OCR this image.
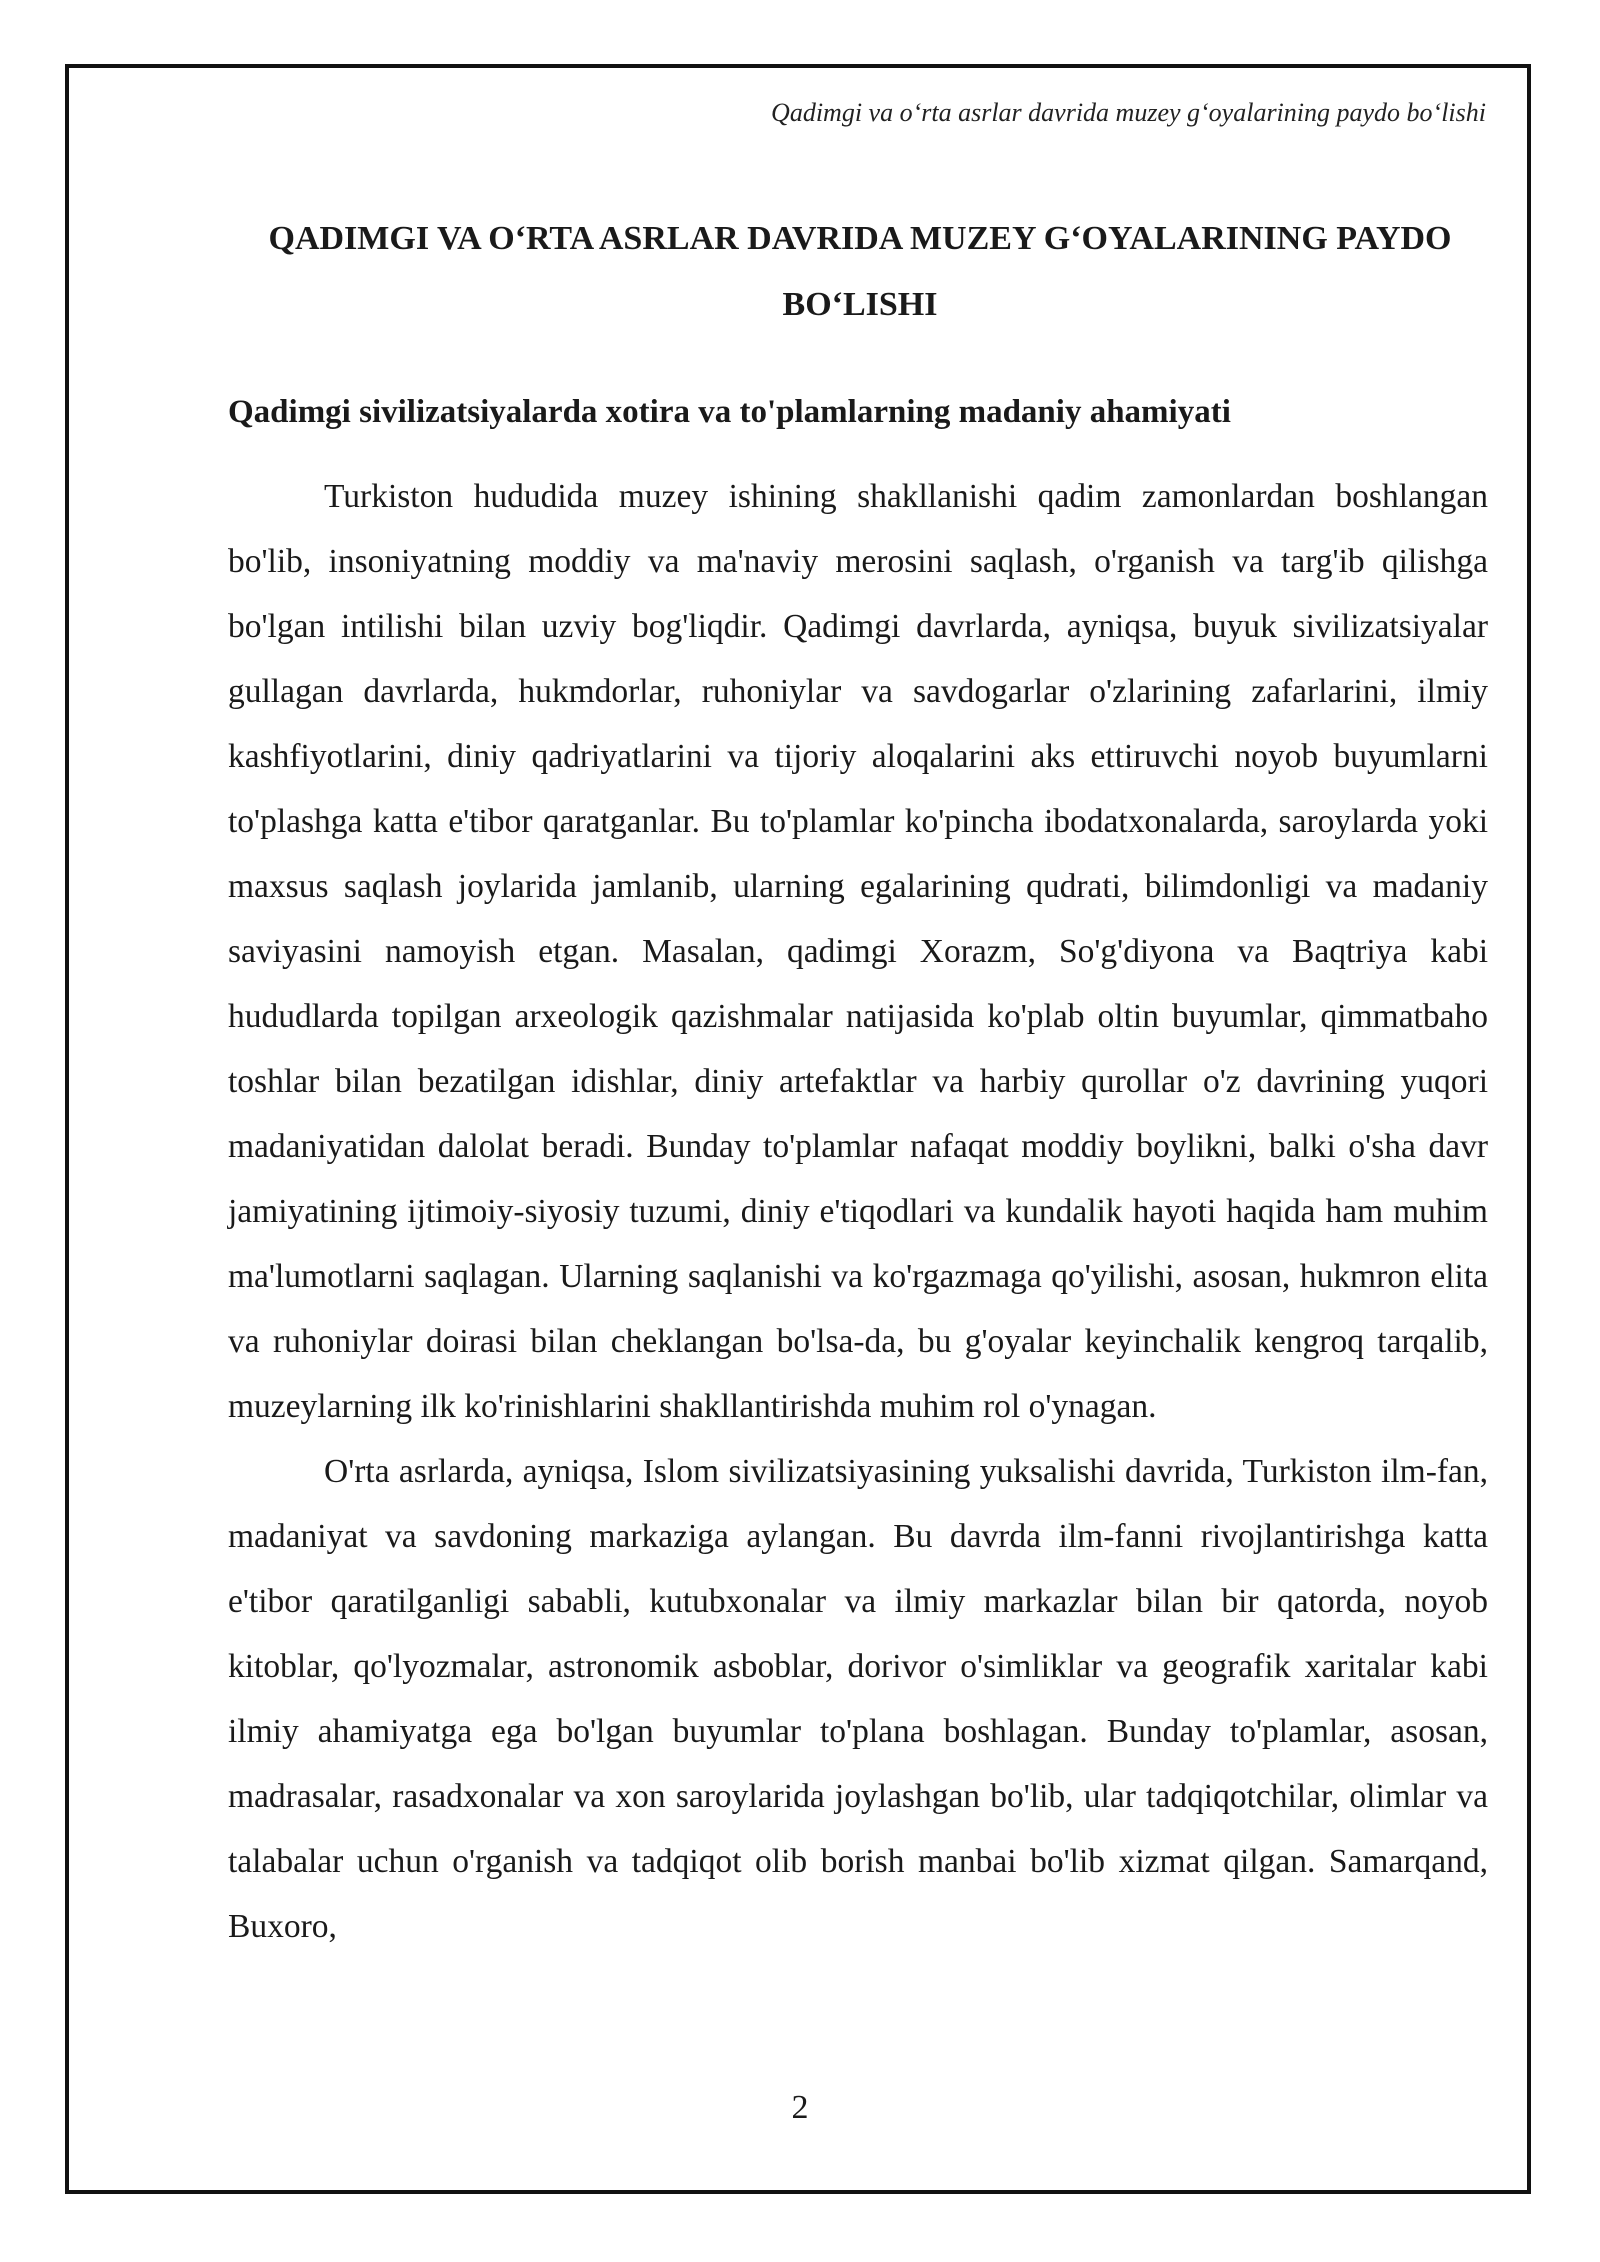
Qadimgi va o‘rta asrlar davrida muzey g‘oyalarining paydo bo‘lishi
QADIMGI VA O‘RTA ASRLAR DAVRIDA MUZEY G‘OYALARINING PAYDO BO‘LISHI
Qadimgi sivilizatsiyalarda xotira va to'plamlarning madaniy ahamiyati

Turkiston hududida muzey ishining shakllanishi qadim zamonlardan boshlangan bo'lib, insoniyatning moddiy va ma'naviy merosini saqlash, o'rganish va targ'ib qilishga bo'lgan intilishi bilan uzviy bog'liqdir. Qadimgi davrlarda, ayniqsa, buyuk sivilizatsiyalar gullagan davrlarda, hukmdorlar, ruhoniylar va savdogarlar o'zlarining zafarlarini, ilmiy kashfiyotlarini, diniy qadriyatlarini va tijoriy aloqalarini aks ettiruvchi noyob buyumlarni to'plashga katta e'tibor qaratganlar. Bu to'plamlar ko'pincha ibodatxonalarda, saroylarda yoki maxsus saqlash joylarida jamlanib, ularning egalarining qudrati, bilimdonligi va madaniy saviyasini namoyish etgan. Masalan, qadimgi Xorazm, So'g'diyona va Baqtriya kabi hududlarda topilgan arxeologik qazishmalar natijasida ko'plab oltin buyumlar, qimmatbaho toshlar bilan bezatilgan idishlar, diniy artefaktlar va harbiy qurollar o'z davrining yuqori madaniyatidan dalolat beradi. Bunday to'plamlar nafaqat moddiy boylikni, balki o'sha davr jamiyatining ijtimoiy-siyosiy tuzumi, diniy e'tiqodlari va kundalik hayoti haqida ham muhim ma'lumotlarni saqlagan. Ularning saqlanishi va ko'rgazmaga qo'yilishi, asosan, hukmron elita va ruhoniylar doirasi bilan cheklangan bo'lsa-da, bu g'oyalar keyinchalik kengroq tarqalib, muzeylarning ilk ko'rinishlarini shakllantirishda muhim rol o'ynagan.

O'rta asrlarda, ayniqsa, Islom sivilizatsiyasining yuksalishi davrida, Turkiston ilm-fan, madaniyat va savdoning markaziga aylangan. Bu davrda ilm-fanni rivojlantirishga katta e'tibor qaratilganligi sababli, kutubxonalar va ilmiy markazlar bilan bir qatorda, noyob kitoblar, qo'lyozmalar, astronomik asboblar, dorivor o'simliklar va geografik xaritalar kabi ilmiy ahamiyatga ega bo'lgan buyumlar to'plana boshlagan. Bunday to'plamlar, asosan, madrasalar, rasadxonalar va xon saroylarida joylashgan bo'lib, ular tadqiqotchilar, olimlar va talabalar uchun o'rganish va tadqiqot olib borish manbai bo'lib xizmat qilgan. Samarqand, Buxoro,

2
